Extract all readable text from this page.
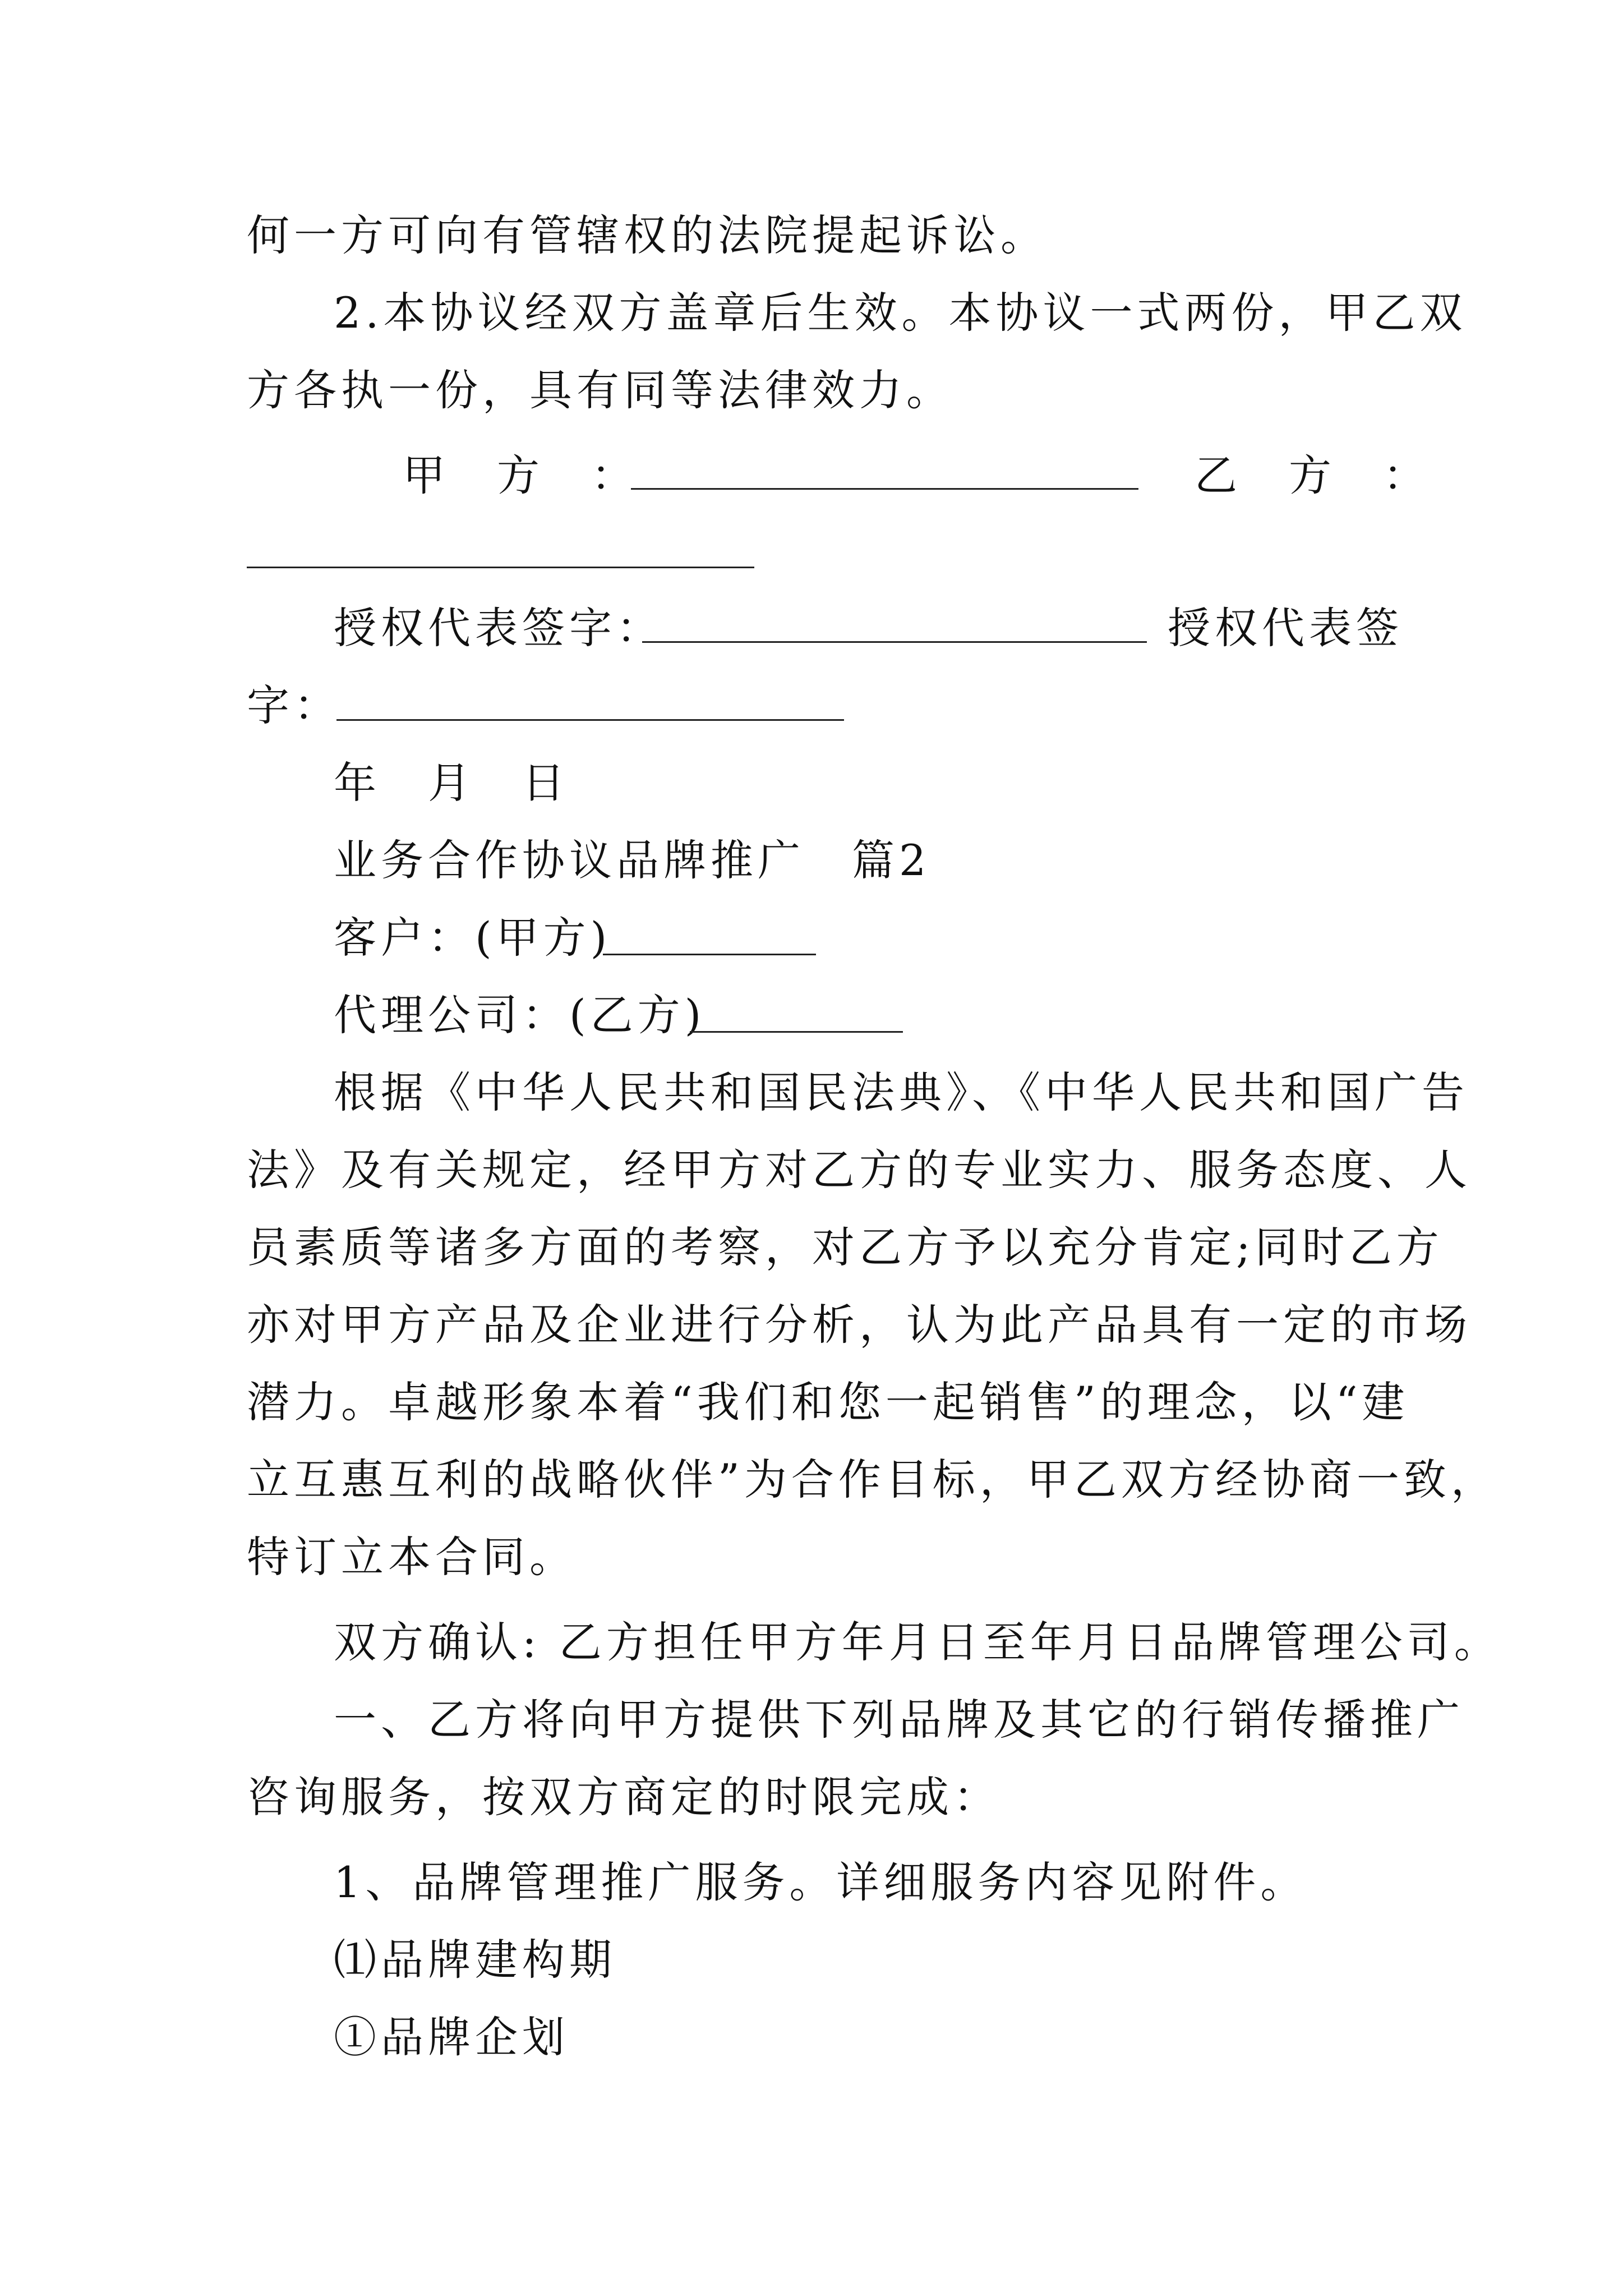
何一方可向有管辖权的法院提起诉讼。
2.本协议经双方盖章后生效。本协议一式两份，甲乙双
方各执一份，具有同等法律效力。
甲　方　：	乙　方　：
授权代表签字：	授权代表签
字：
年　月　日
业务合作协议品牌推广　篇2
客户：(甲方)
代理公司：(乙方)
根据《中华人民共和国民法典》、《中华人民共和国广告
法》及有关规定，经甲方对乙方的专业实力、服务态度、人
员素质等诸多方面的考察，对乙方予以充分肯定;同时乙方
亦对甲方产品及企业进行分析，认为此产品具有一定的市场
潜力。卓越形象本着“我们和您一起销售”的理念，以“建
立互惠互利的战略伙伴”为合作目标，甲乙双方经协商一致，
特订立本合同。
双方确认: 乙方担任甲方年月日至年月日品牌管理公司。
一、乙方将向甲方提供下列品牌及其它的行销传播推广
咨询服务，按双方商定的时限完成：
1、品牌管理推广服务。详细服务内容见附件。
⑴品牌建构期
①品牌企划
